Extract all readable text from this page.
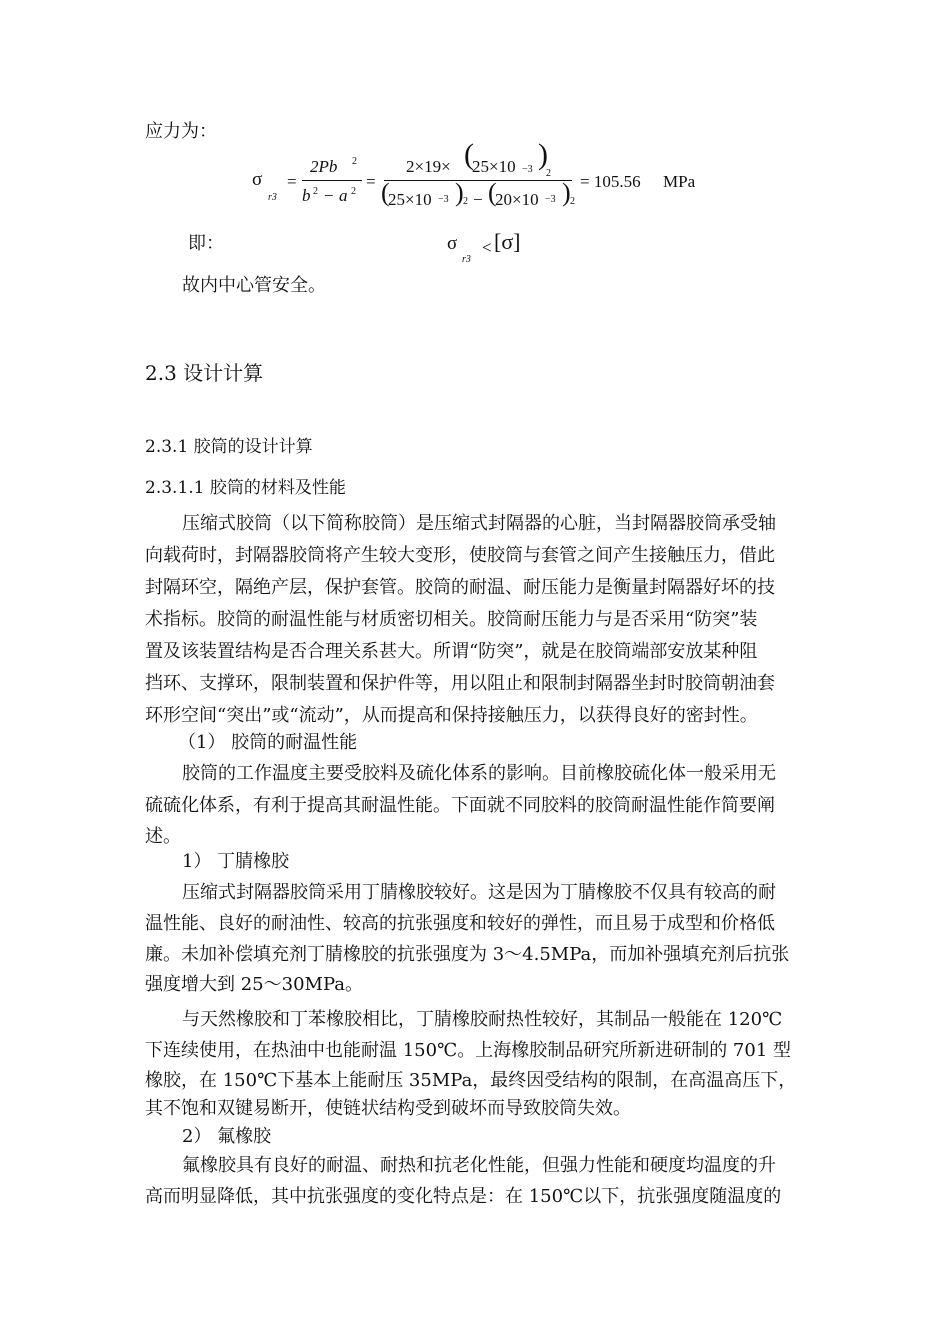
应力为：
σ
r3
=
2Pb 2
b 2 − a 2
=
2×19× (
25×10 −3 )
2
(
25×10 −3 ) 2 − (
20×10 −3 ) 2
= 105.56 MPa
即：	σ
r3
< [σ]
故内中心管安全。
2.3 设计计算
2.3.1 胶筒的设计计算
2.3.1.1 胶筒的材料及性能
压缩式胶筒（以下简称胶筒）是压缩式封隔器的心脏，当封隔器胶筒承受轴
向载荷时，封隔器胶筒将产生较大变形，使胶筒与套管之间产生接触压力，借此
封隔环空，隔绝产层，保护套管。胶筒的耐温、耐压能力是衡量封隔器好坏的技
术指标。胶筒的耐温性能与材质密切相关。胶筒耐压能力与是否采用“防突”装
置及该装置结构是否合理关系甚大。所谓“防突”，就是在胶筒端部安放某种阻
挡环、支撑环，限制装置和保护件等，用以阻止和限制封隔器坐封时胶筒朝油套
环形空间“突出”或“流动”，从而提高和保持接触压力，以获得良好的密封性。
（1） 胶筒的耐温性能
胶筒的工作温度主要受胶料及硫化体系的影响。目前橡胶硫化体一般采用无
硫硫化体系，有利于提高其耐温性能。下面就不同胶料的胶筒耐温性能作简要阐
述。
1） 丁腈橡胶
压缩式封隔器胶筒采用丁腈橡胶较好。这是因为丁腈橡胶不仅具有较高的耐
温性能、良好的耐油性、较高的抗张强度和较好的弹性，而且易于成型和价格低
廉。未加补偿填充剂丁腈橡胶的抗张强度为 3～4.5MPa，而加补强填充剂后抗张
强度增大到 25～30MPa。
与天然橡胶和丁苯橡胶相比，丁腈橡胶耐热性较好，其制品一般能在 120℃
下连续使用，在热油中也能耐温 150℃。上海橡胶制品研究所新进研制的 701 型
橡胶，在 150℃下基本上能耐压 35MPa，最终因受结构的限制，在高温高压下，
其不饱和双键易断开，使链状结构受到破坏而导致胶筒失效。
2） 氟橡胶
氟橡胶具有良好的耐温、耐热和抗老化性能，但强力性能和硬度均温度的升
高而明显降低，其中抗张强度的变化特点是：在 150℃以下，抗张强度随温度的
